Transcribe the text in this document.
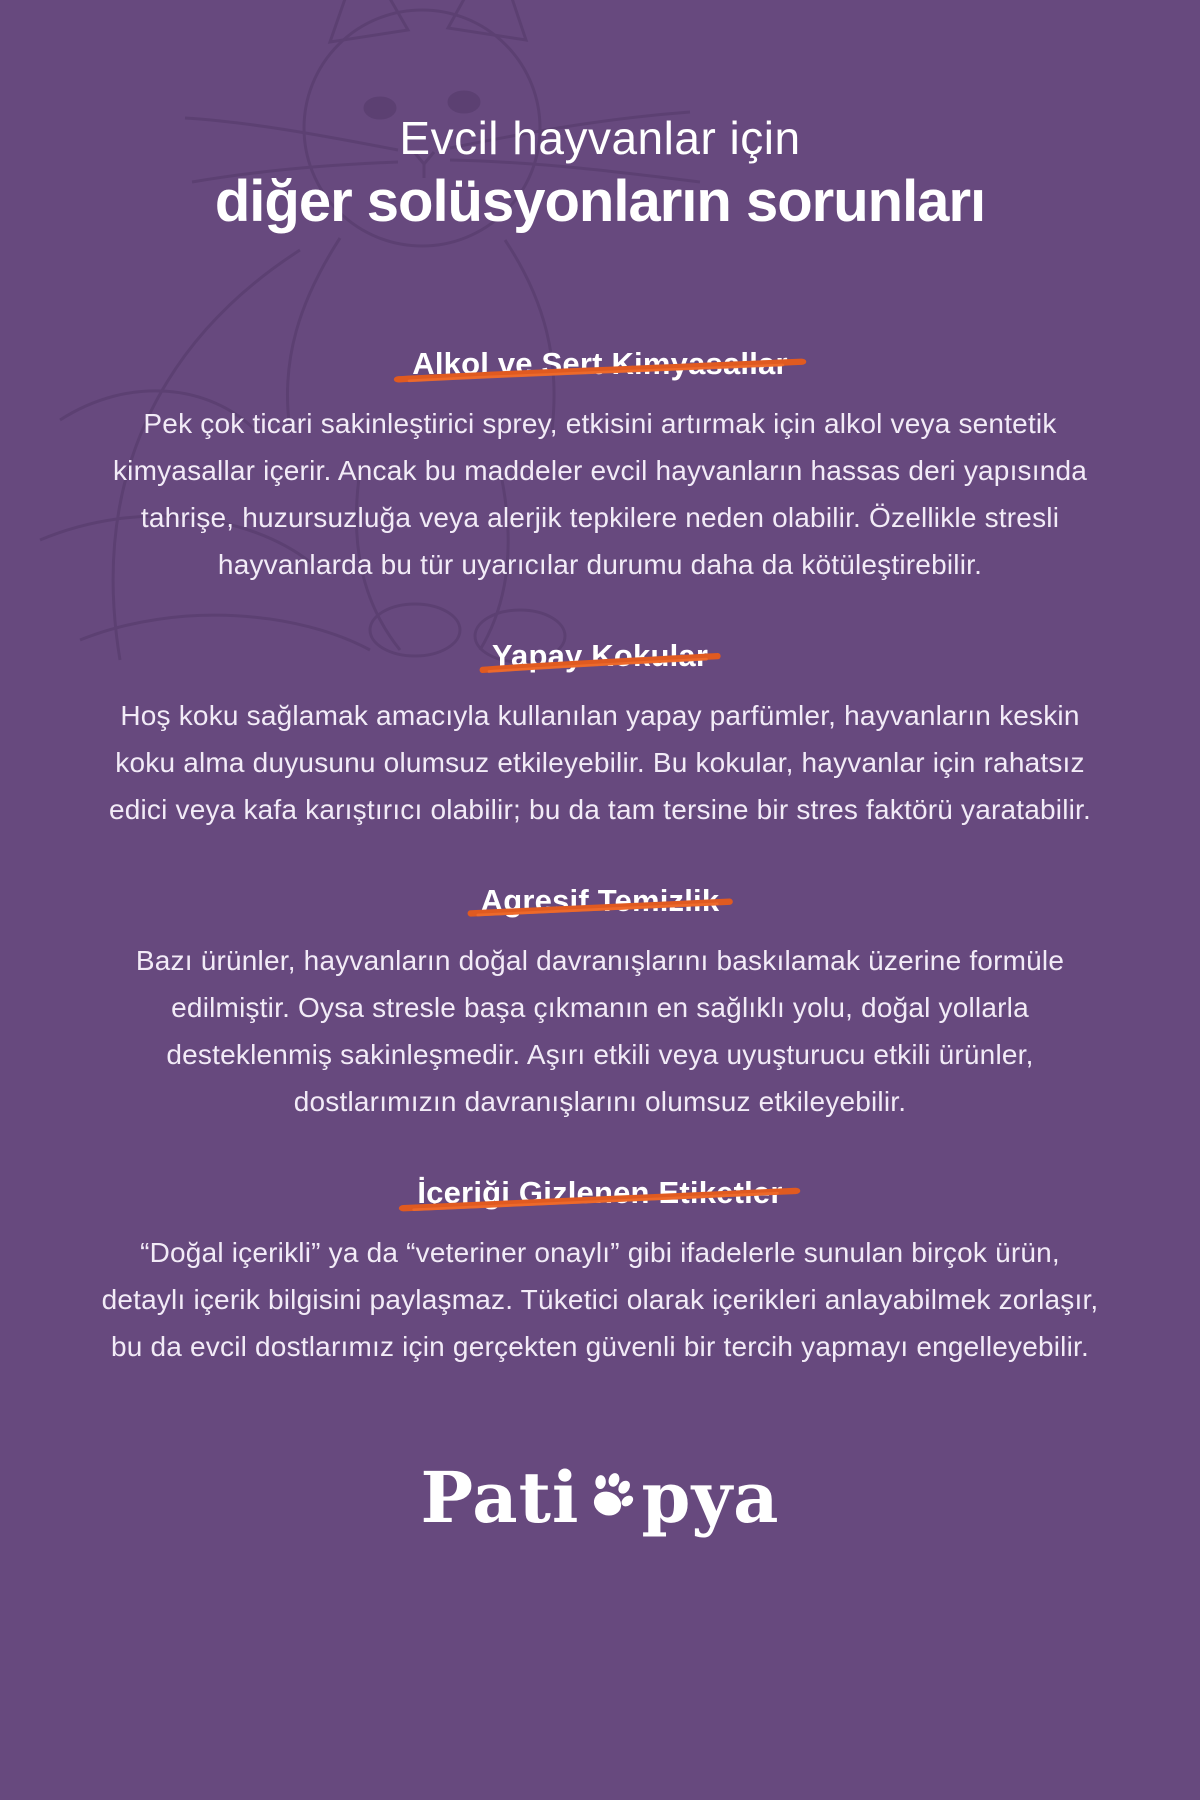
Evcil hayvanlar için
diğer solüsyonların sorunları
Alkol ve Sert Kimyasallar

Pek çok ticari sakinleştirici sprey, etkisini artırmak için alkol veya sentetik kimyasallar içerir. Ancak bu maddeler evcil hayvanların hassas deri yapısında tahrişe, huzursuzluğa veya alerjik tepkilere neden olabilir. Özellikle stresli hayvanlarda bu tür uyarıcılar durumu daha da kötüleştirebilir.

Yapay Kokular

Hoş koku sağlamak amacıyla kullanılan yapay parfümler, hayvanların keskin koku alma duyusunu olumsuz etkileyebilir. Bu kokular, hayvanlar için rahatsız edici veya kafa karıştırıcı olabilir; bu da tam tersine bir stres faktörü yaratabilir.

Agresif Temizlik

Bazı ürünler, hayvanların doğal davranışlarını baskılamak üzerine formüle edilmiştir. Oysa stresle başa çıkmanın en sağlıklı yolu, doğal yollarla desteklenmiş sakinleşmedir. Aşırı etkili veya uyuşturucu etkili ürünler, dostlarımızın davranışlarını olumsuz etkileyebilir.

İçeriği Gizlenen Etiketler

“Doğal içerikli” ya da “veteriner onaylı” gibi ifadelerle sunulan birçok ürün, detaylı içerik bilgisini paylaşmaz. Tüketici olarak içerikleri anlayabilmek zorlaşır, bu da evcil dostlarımız için gerçekten güvenli bir tercih yapmayı engelleyebilir.

Pati pya
